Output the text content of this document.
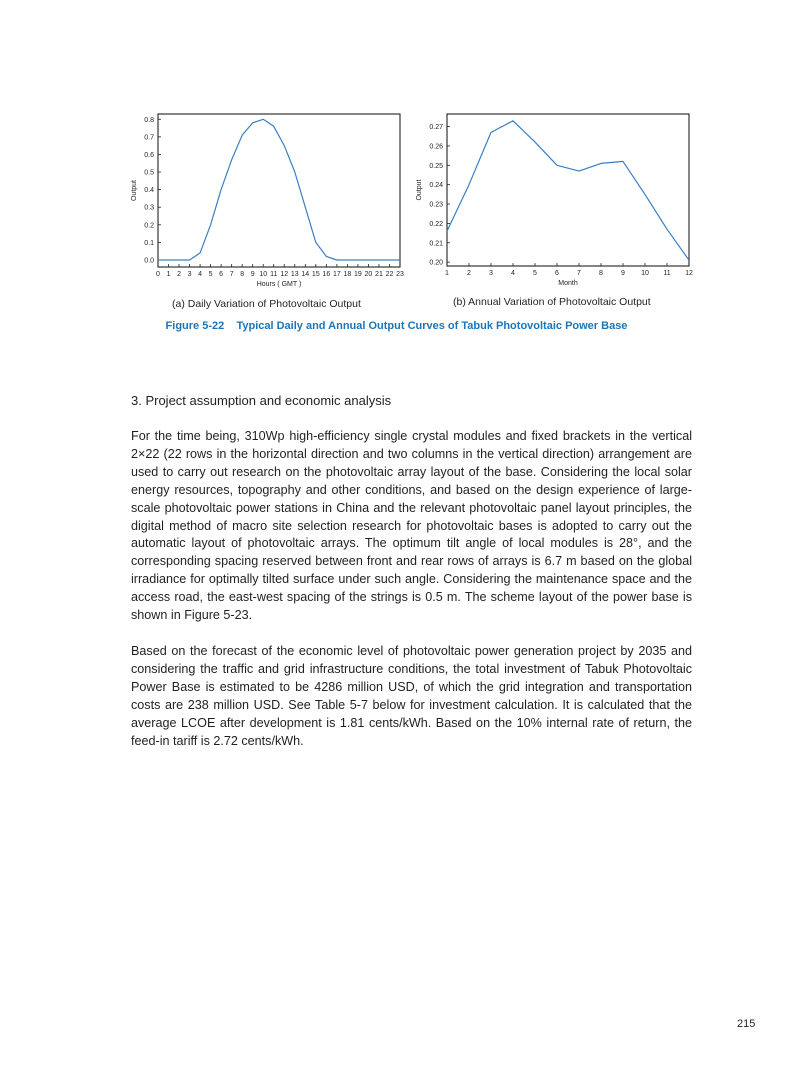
0.0
0.1
0.2
0.3
0.4
0.5
0.6
0.7
0.8
0 1 2 3 4 5 6 7 8 9 10 11 12 13 14 15 16 17 18 19 20 21 22 23
Hours ( GMT )
Output
0.20
0.21
0.22
0.23
0.24
0.25
0.26
0.27
1	2	3	4	5	6	7	8	9 10 11 12
Month
Output
(a) Daily Variation of Photovoltaic Output	(b) Annual Variation of Photovoltaic Output
Figure 5-22    Typical Daily and Annual Output Curves of Tabuk Photovoltaic Power Base
3. Project assumption and economic analysis
For the time being, 310Wp high-efficiency single crystal modules and fixed brackets in the vertical 2×22 (22 rows in the horizontal direction and two columns in the vertical direction) arrangement are used to carry out research on the photovoltaic array layout of the base. Considering the local solar energy resources, topography and other conditions, and based on the design experience of large-scale photovoltaic power stations in China and the relevant photovoltaic panel layout principles, the digital method of macro site selection research for photovoltaic bases is adopted to carry out the automatic layout of photovoltaic arrays. The optimum tilt angle of local modules is 28°, and the corresponding spacing reserved between front and rear rows of arrays is 6.7 m based on the global irradiance for optimally tilted surface under such angle. Considering the maintenance space and the access road, the east-west spacing of the strings is 0.5 m. The scheme layout of the power base is shown in Figure 5-23.
Based on the forecast of the economic level of photovoltaic power generation project by 2035 and considering the traffic and grid infrastructure conditions, the total investment of Tabuk Photovoltaic Power Base is estimated to be 4286 million USD, of which the grid integration and transportation costs are 238 million USD. See Table 5-7 below for investment calculation. It is calculated that the average LCOE after development is 1.81 cents/kWh. Based on the 10% internal rate of return, the feed-in tariff is 2.72 cents/kWh.
215
